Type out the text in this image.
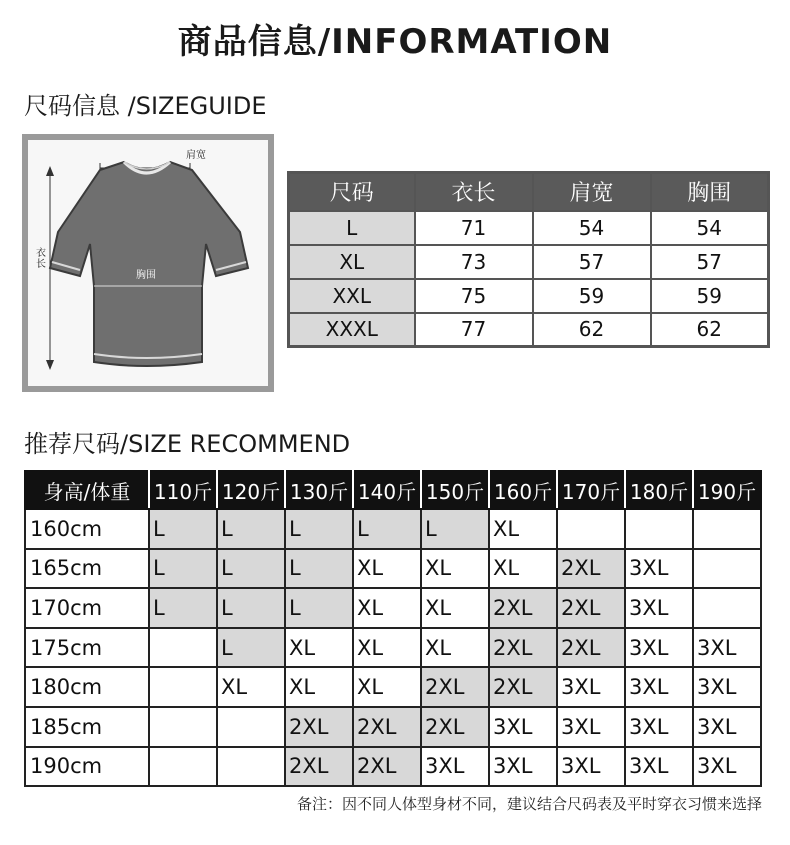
商品信息/INFORMATION
尺码信息 /SIZEGUIDE
肩宽
衣长
胸围
尺码	衣长	肩宽	胸围
L	71	54	54
XL	73	57	57
XXL	75	59	59
XXXL	77	62	62
推荐尺码/SIZE RECOMMEND
身高/体重	110斤	120斤	130斤	140斤	150斤	160斤	170斤	180斤	190斤
160cm	L	L	L	L	L	XL			
165cm	L	L	L	XL	XL	XL	2XL	3XL	
170cm	L	L	L	XL	XL	2XL	2XL	3XL	
175cm		L	XL	XL	XL	2XL	2XL	3XL	3XL
180cm		XL	XL	XL	2XL	2XL	3XL	3XL	3XL
185cm			2XL	2XL	2XL	3XL	3XL	3XL	3XL
190cm			2XL	2XL	3XL	3XL	3XL	3XL	3XL
备注：因不同人体型身材不同，建议结合尺码表及平时穿衣习惯来选择
